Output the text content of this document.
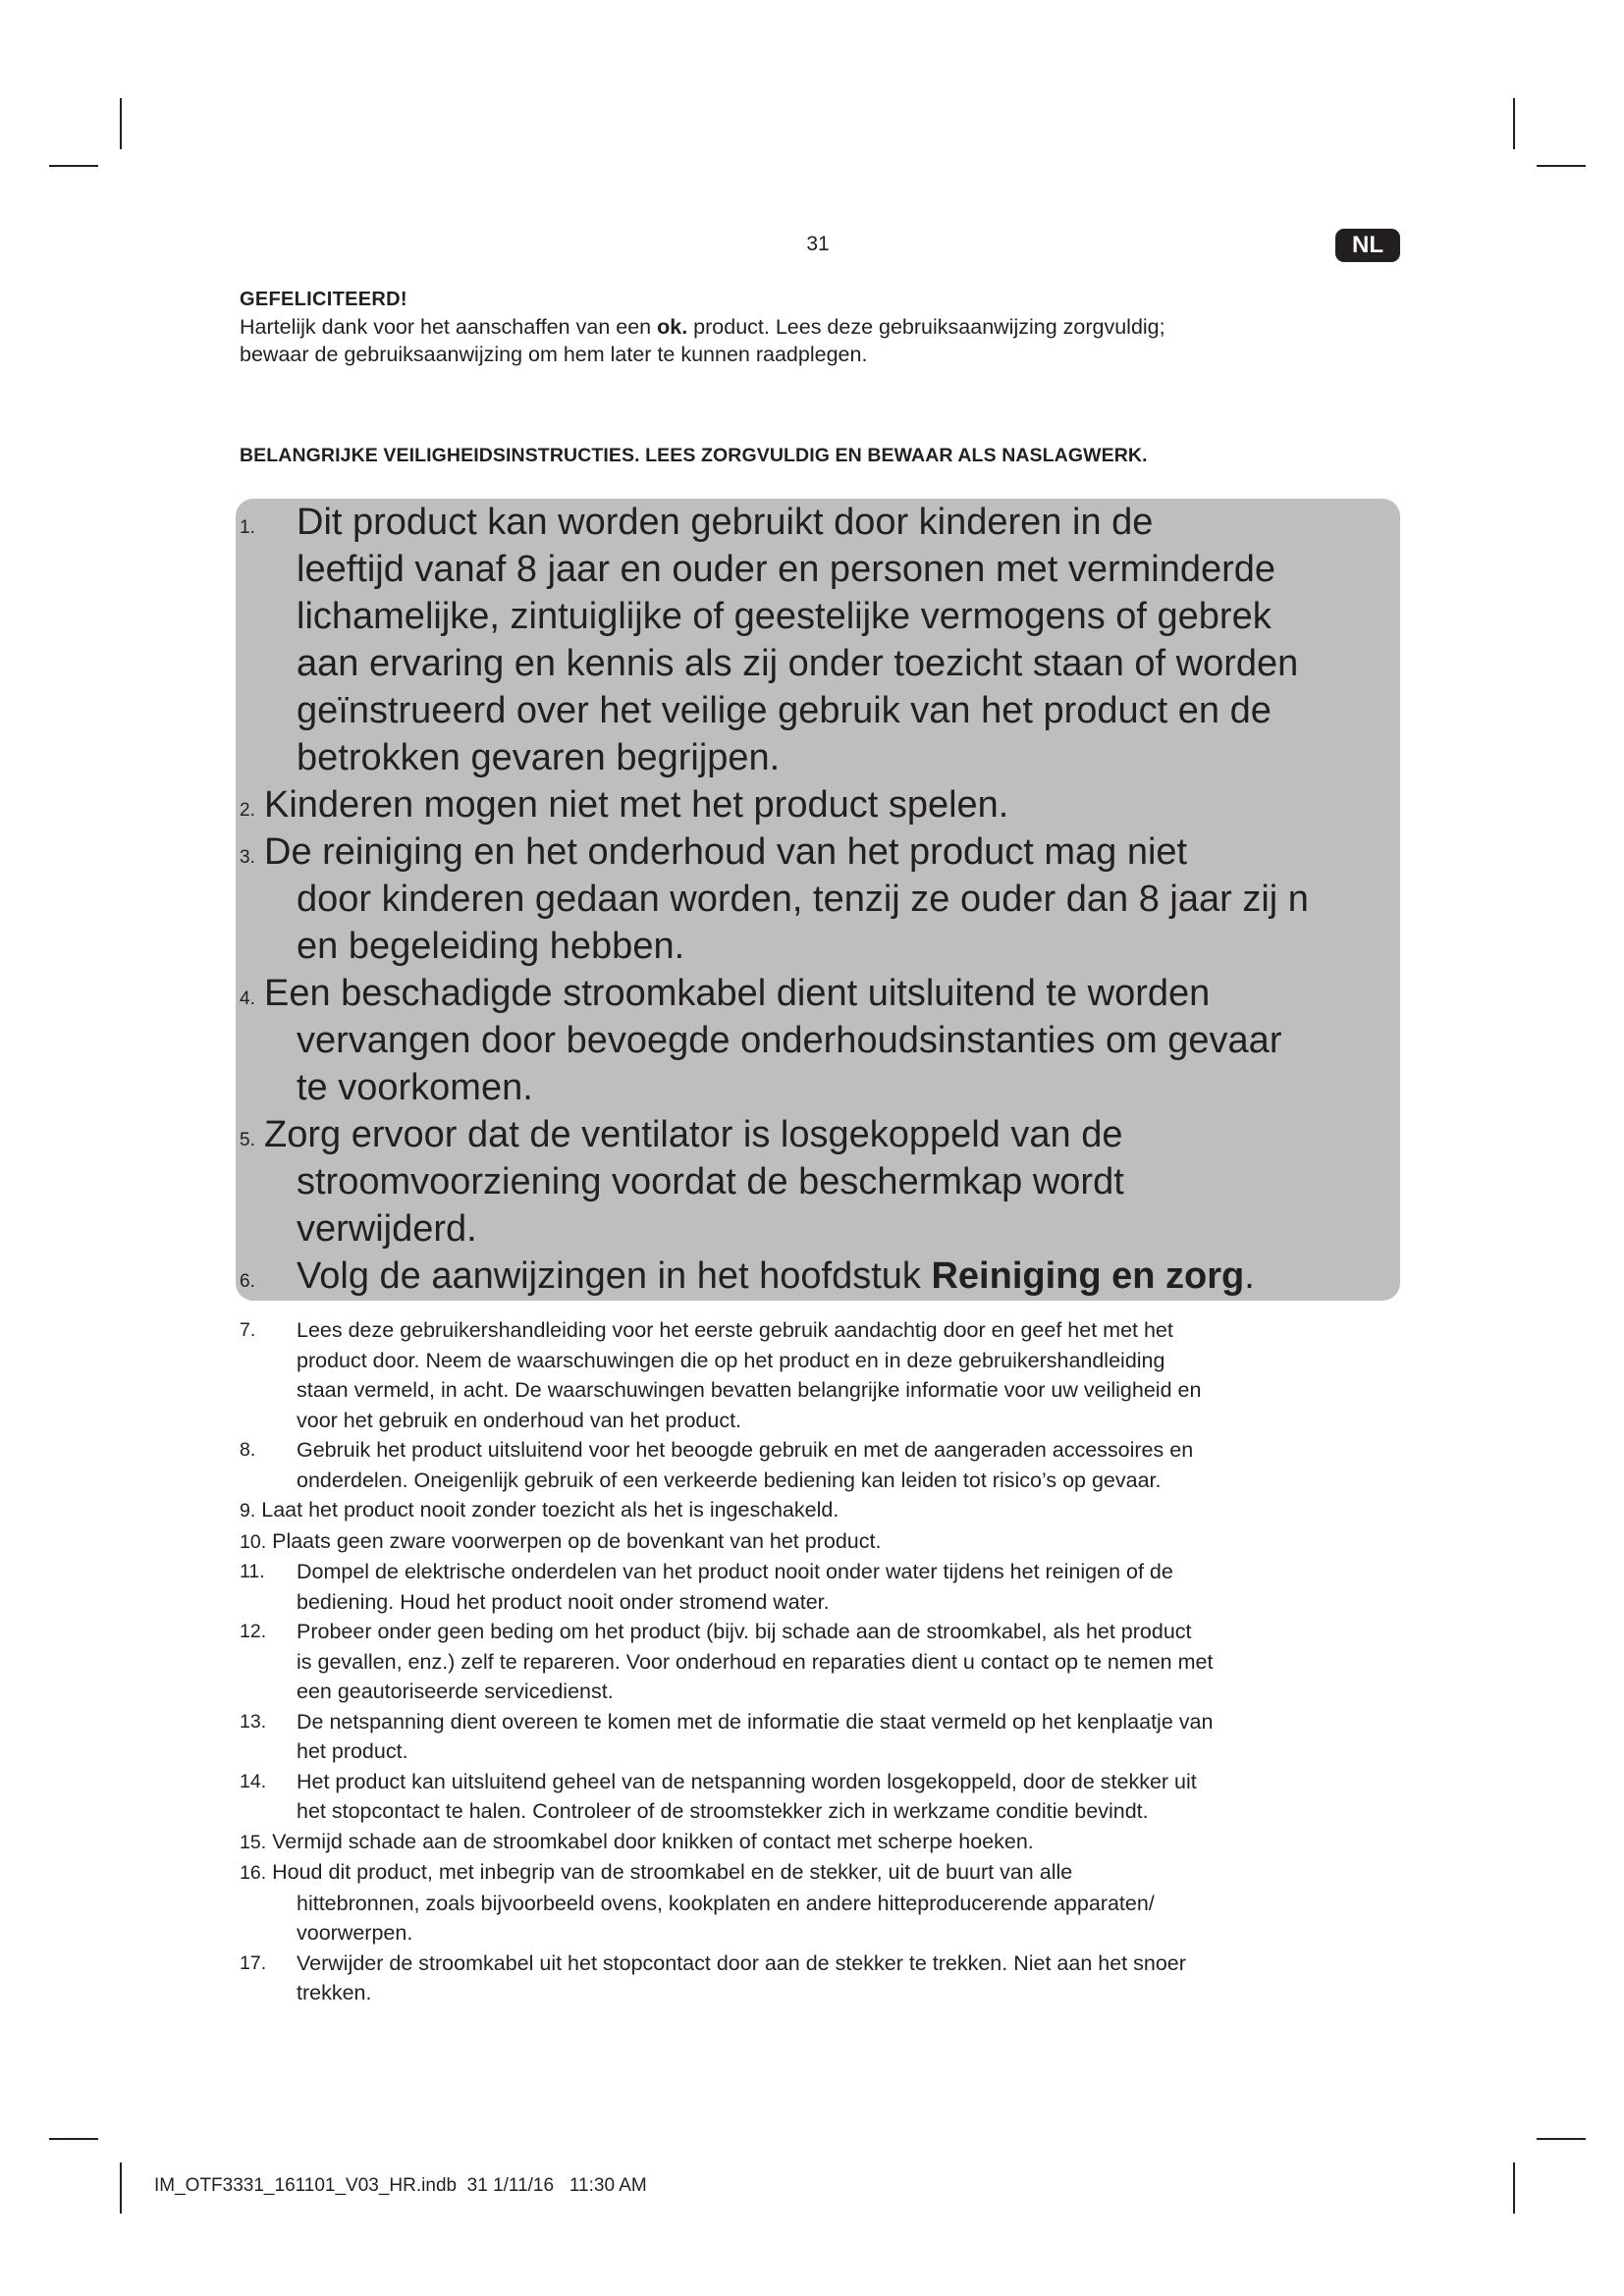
31	NL
GEFELICITEERD!
Hartelijk dank voor het aanschaffen van een ok. product. Lees deze gebruiksaanwijzing zorgvuldig;
bewaar de gebruiksaanwijzing om hem later te kunnen raadplegen.
BELANGRIJKE VEILIGHEIDSINSTRUCTIES. LEES ZORGVULDIG EN BEWAAR ALS NASLAGWERK.
1. Dit product kan worden gebruikt door kinderen in de
leeftijd vanaf 8 jaar en ouder en personen met verminderde
lichamelijke, zintuiglijke of geestelijke vermogens of gebrek
aan ervaring en kennis als zij onder toezicht staan of worden
geïnstrueerd over het veilige gebruik van het product en de
betrokken gevaren begrijpen.
2. Kinderen mogen niet met het product spelen.
3. De reiniging en het onderhoud van het product mag niet
door kinderen gedaan worden, tenzij ze ouder dan 8 jaar zij n
en begeleiding hebben.
4. Een beschadigde stroomkabel dient uitsluitend te worden
vervangen door bevoegde onderhoudsinstanties om gevaar
te voorkomen.
5. Zorg ervoor dat de ventilator is losgekoppeld van de
stroomvoorziening voordat de beschermkap wordt
verwijderd.
6. Volg de aanwijzingen in het hoofdstuk Reiniging en zorg.
7. Lees deze gebruikershandleiding voor het eerste gebruik aandachtig door en geef het met het
product door. Neem de waarschuwingen die op het product en in deze gebruikershandleiding
staan vermeld, in acht. De waarschuwingen bevatten belangrijke informatie voor uw veiligheid en
voor het gebruik en onderhoud van het product.
8. Gebruik het product uitsluitend voor het beoogde gebruik en met de aangeraden accessoires en
onderdelen. Oneigenlijk gebruik of een verkeerde bediening kan leiden tot risico’s op gevaar.
9. Laat het product nooit zonder toezicht als het is ingeschakeld.
10. Plaats geen zware voorwerpen op de bovenkant van het product.
11. Dompel de elektrische onderdelen van het product nooit onder water tijdens het reinigen of de
bediening. Houd het product nooit onder stromend water.
12. Probeer onder geen beding om het product (bijv. bij schade aan de stroomkabel, als het product
is gevallen, enz.) zelf te repareren. Voor onderhoud en reparaties dient u contact op te nemen met
een geautoriseerde servicedienst.
13. De netspanning dient overeen te komen met de informatie die staat vermeld op het kenplaatje van
het product.
14. Het product kan uitsluitend geheel van de netspanning worden losgekoppeld, door de stekker uit
het stopcontact te halen. Controleer of de stroomstekker zich in werkzame conditie bevindt.
15. Vermijd schade aan de stroomkabel door knikken of contact met scherpe hoeken.
16. Houd dit product, met inbegrip van de stroomkabel en de stekker, uit de buurt van alle
hittebronnen, zoals bijvoorbeeld ovens, kookplaten en andere hitteproducerende apparaten/
voorwerpen.
17. Verwijder de stroomkabel uit het stopcontact door aan de stekker te trekken. Niet aan het snoer
trekken.
IM_OTF3331_161101_V03_HR.indb 31 1/11/16 11:30 AM
